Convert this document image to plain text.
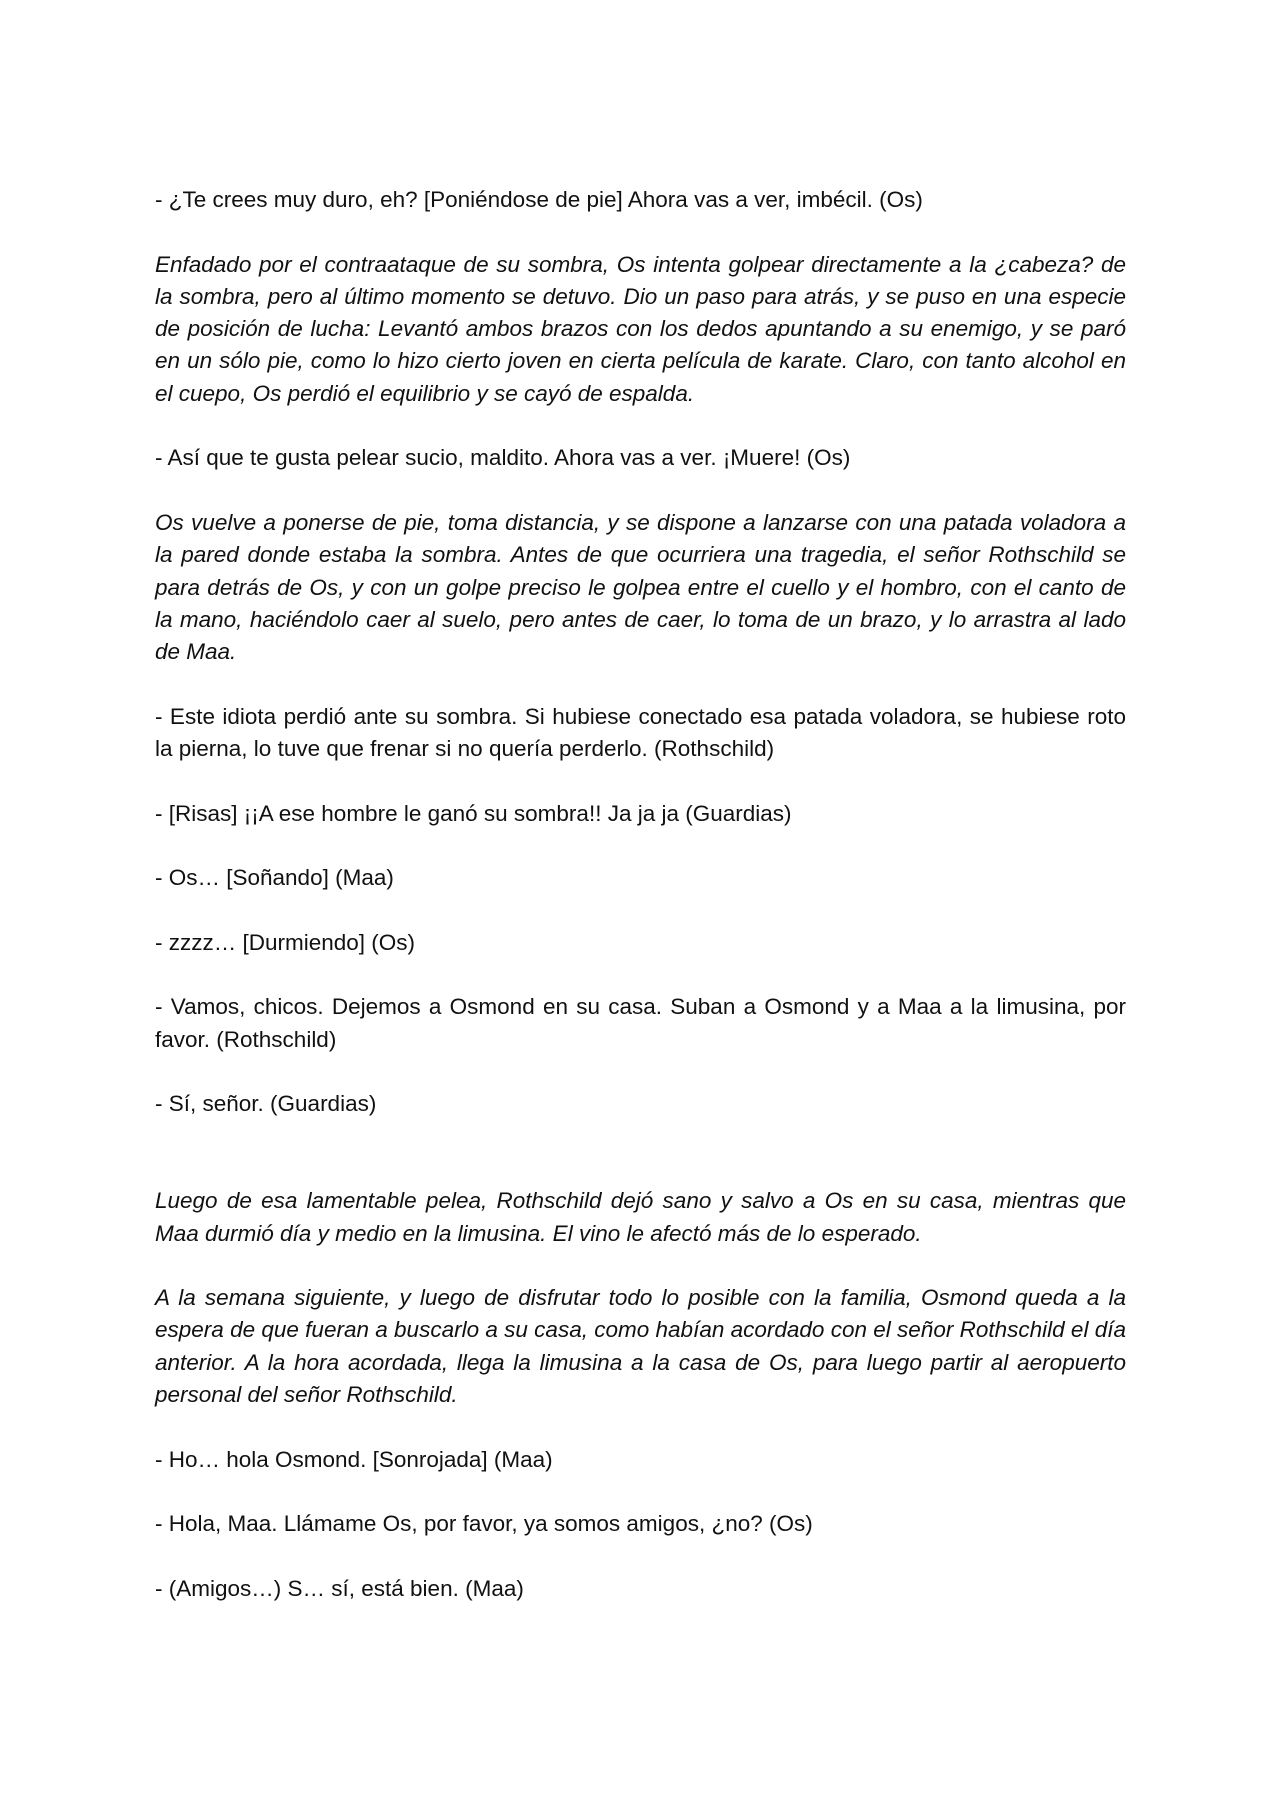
- ¿Te crees muy duro, eh? [Poniéndose de pie] Ahora vas a ver, imbécil. (Os)

Enfadado por el contraataque de su sombra, Os intenta golpear directamente a la ¿cabeza? de la sombra, pero al último momento se detuvo. Dio un paso para atrás, y se puso en una especie de posición de lucha: Levantó ambos brazos con los dedos apuntando a su enemigo, y se paró en un sólo pie, como lo hizo cierto joven en cierta película de karate. Claro, con tanto alcohol en el cuepo, Os perdió el equilibrio y se cayó de espalda.

- Así que te gusta pelear sucio, maldito. Ahora vas a ver. ¡Muere! (Os)

Os vuelve a ponerse de pie, toma distancia, y se dispone a lanzarse con una patada voladora a la pared donde estaba la sombra. Antes de que ocurriera una tragedia, el señor Rothschild se para detrás de Os, y con un golpe preciso le golpea entre el cuello y el hombro, con el canto de la mano, haciéndolo caer al suelo, pero antes de caer, lo toma de un brazo, y lo arrastra al lado de Maa.

- Este idiota perdió ante su sombra. Si hubiese conectado esa patada voladora, se hubiese roto la pierna, lo tuve que frenar si no quería perderlo. (Rothschild)

- [Risas] ¡¡A ese hombre le ganó su sombra!! Ja ja ja (Guardias)

- Os… [Soñando] (Maa)

- zzzz… [Durmiendo] (Os)

- Vamos, chicos. Dejemos a Osmond en su casa. Suban a Osmond y a Maa a la limusina, por favor. (Rothschild)

- Sí, señor. (Guardias)

Luego de esa lamentable pelea, Rothschild dejó sano y salvo a Os en su casa, mientras que Maa durmió día y medio en la limusina. El vino le afectó más de lo esperado.

A la semana siguiente, y luego de disfrutar todo lo posible con la familia, Osmond queda a la espera de que fueran a buscarlo a su casa, como habían acordado con el señor Rothschild el día anterior. A la hora acordada, llega la limusina a la casa de Os, para luego partir al aeropuerto personal del señor Rothschild.

- Ho… hola Osmond. [Sonrojada] (Maa)

- Hola, Maa. Llámame Os, por favor, ya somos amigos, ¿no? (Os)

- (Amigos…) S… sí, está bien. (Maa)
